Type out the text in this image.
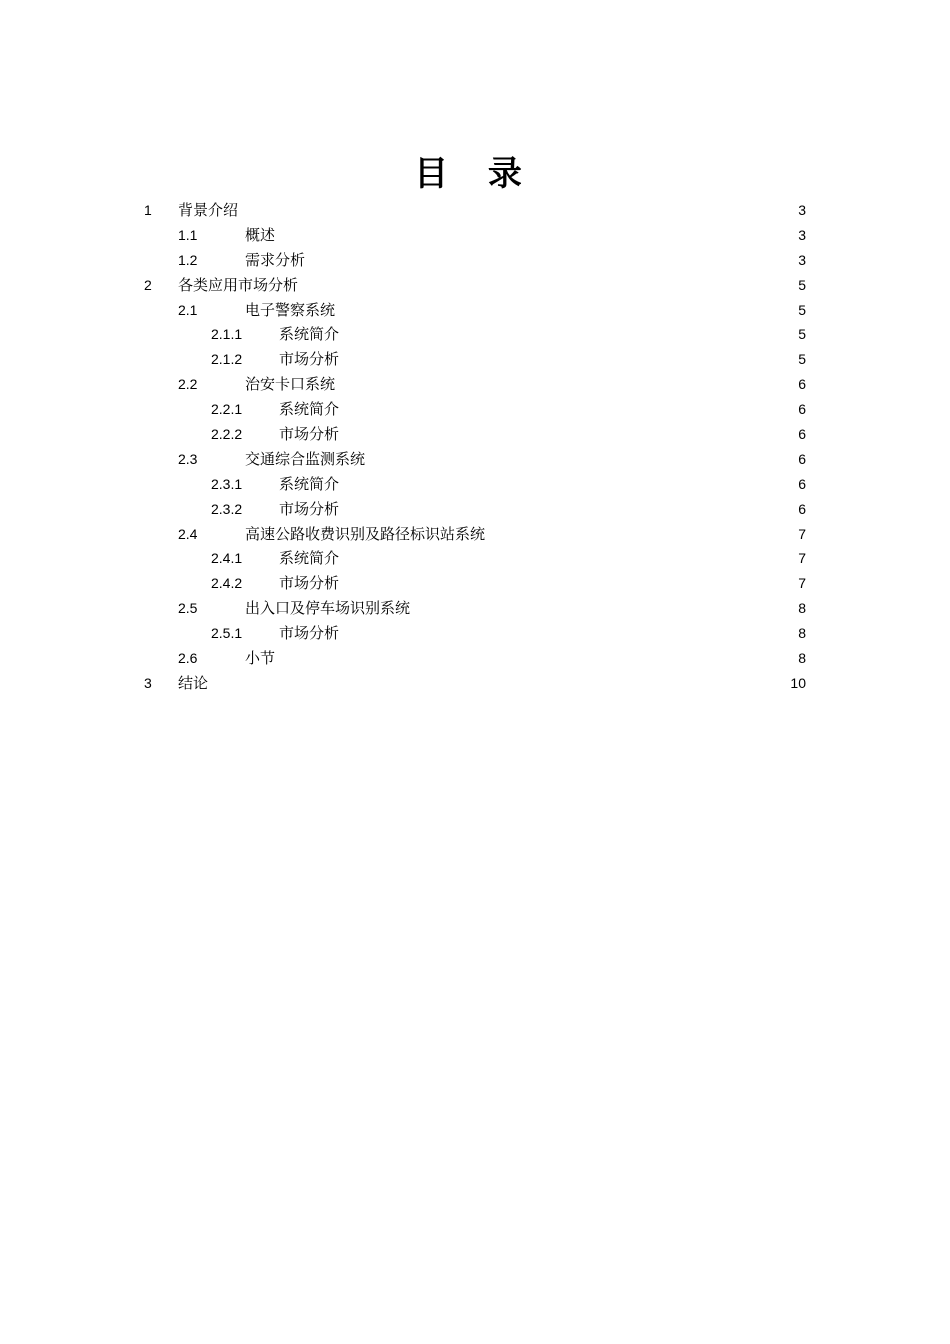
目 录
1 背景介绍	3
1.1	概述	3
1.2	需求分析	3
2 各类应用市场分析	5
2.1	电子警察系统	5
2.1.1 系统简介	5
2.1.2 市场分析	5
2.2	治安卡口系统	6
2.2.1 系统简介	6
2.2.2 市场分析	6
2.3	交通综合监测系统	6
2.3.1 系统简介	6
2.3.2 市场分析	6
2.4	高速公路收费识别及路径标识站系统	7
2.4.1 系统简介	7
2.4.2 市场分析	7
2.5	出入口及停车场识别系统	8
2.5.1 市场分析	8
2.6	小节	8
3 结论	10
